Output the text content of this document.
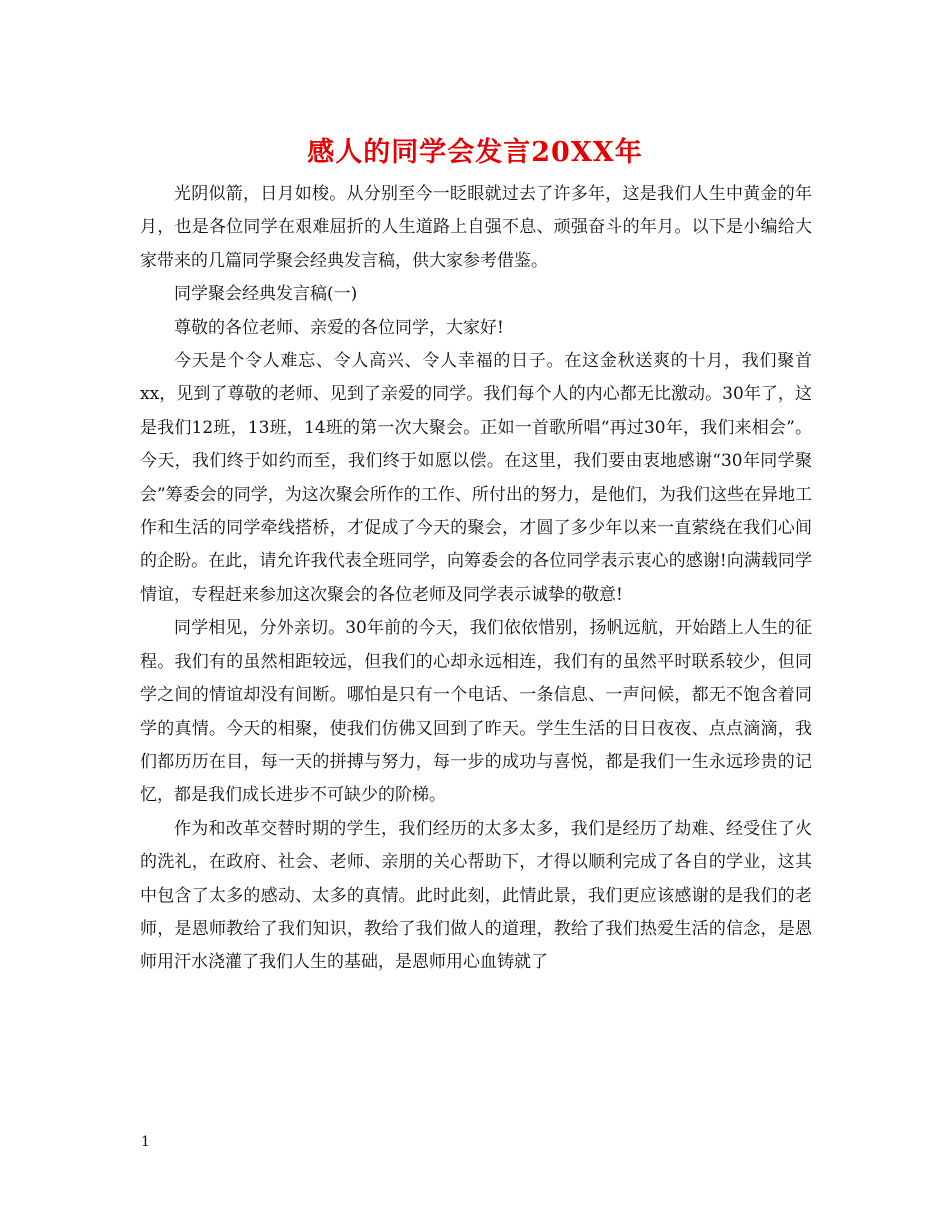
感人的同学会发言20XX年

光阴似箭，日月如梭。从分别至今一眨眼就过去了许多年，这是我们人生中黄金的年月，也是各位同学在艰难屈折的人生道路上自强不息、顽强奋斗的年月。以下是小编给大家带来的几篇同学聚会经典发言稿，供大家参考借鉴。

同学聚会经典发言稿(一)

尊敬的各位老师、亲爱的各位同学，大家好!

今天是个令人难忘、令人高兴、令人幸福的日子。在这金秋送爽的十月，我们聚首xx，见到了尊敬的老师、见到了亲爱的同学。我们每个人的内心都无比激动。30年了，这是我们12班，13班，14班的第一次大聚会。正如一首歌所唱“再过30年，我们来相会”。今天，我们终于如约而至，我们终于如愿以偿。在这里，我们要由衷地感谢“30年同学聚会”筹委会的同学，为这次聚会所作的工作、所付出的努力，是他们，为我们这些在异地工作和生活的同学牵线搭桥，才促成了今天的聚会，才圆了多少年以来一直萦绕在我们心间的企盼。在此，请允许我代表全班同学，向筹委会的各位同学表示衷心的感谢!向满载同学情谊，专程赶来参加这次聚会的各位老师及同学表示诚挚的敬意!

同学相见，分外亲切。30年前的今天，我们依依惜别，扬帆远航，开始踏上人生的征程。我们有的虽然相距较远，但我们的心却永远相连，我们有的虽然平时联系较少，但同学之间的情谊却没有间断。哪怕是只有一个电话、一条信息、一声问候，都无不饱含着同学的真情。今天的相聚，使我们仿佛又回到了昨天。学生生活的日日夜夜、点点滴滴，我们都历历在目，每一天的拼搏与努力，每一步的成功与喜悦，都是我们一生永远珍贵的记忆，都是我们成长进步不可缺少的阶梯。

作为和改革交替时期的学生，我们经历的太多太多，我们是经历了劫难、经受住了火的洗礼，在政府、社会、老师、亲朋的关心帮助下，才得以顺利完成了各自的学业，这其中包含了太多的感动、太多的真情。此时此刻，此情此景，我们更应该感谢的是我们的老师，是恩师教给了我们知识，教给了我们做人的道理，教给了我们热爱生活的信念，是恩师用汗水浇灌了我们人生的基础，是恩师用心血铸就了

1
